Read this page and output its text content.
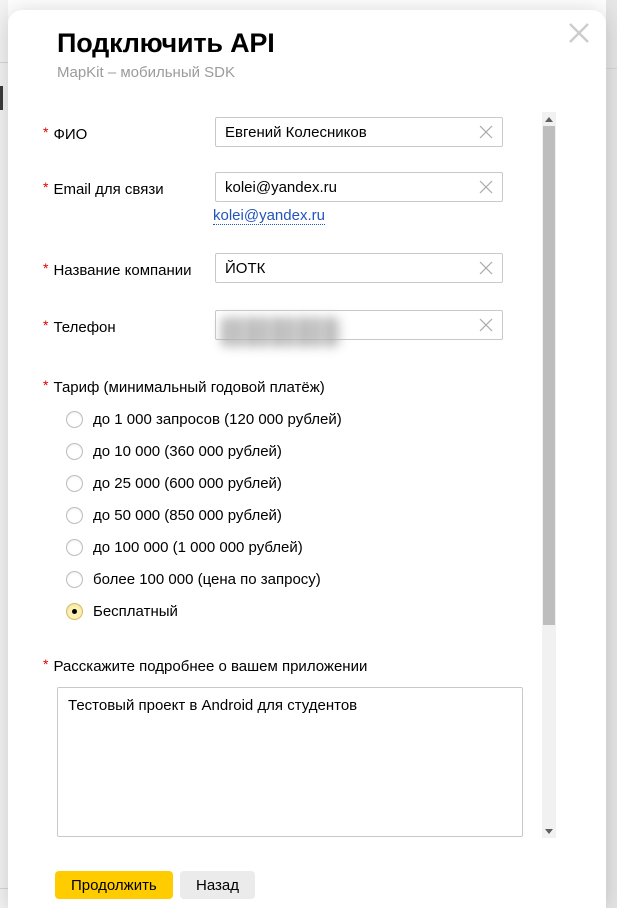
Подключить API
MapKit – мобильный SDK
* ФИО
Евгений Колесников
* Email для связи
kolei@yandex.ru
kolei@yandex.ru
* Название компании
ЙОТК
* Телефон
* Тариф (минимальный годовой платёж)
до 1 000 запросов (120 000 рублей)
до 10 000 (360 000 рублей)
до 25 000 (600 000 рублей)
до 50 000 (850 000 рублей)
до 100 000 (1 000 000 рублей)
более 100 000 (цена по запросу)
Бесплатный
* Расскажите подробнее о вашем приложении
Тестовый проект в Android для студентов
Продолжить	Назад
